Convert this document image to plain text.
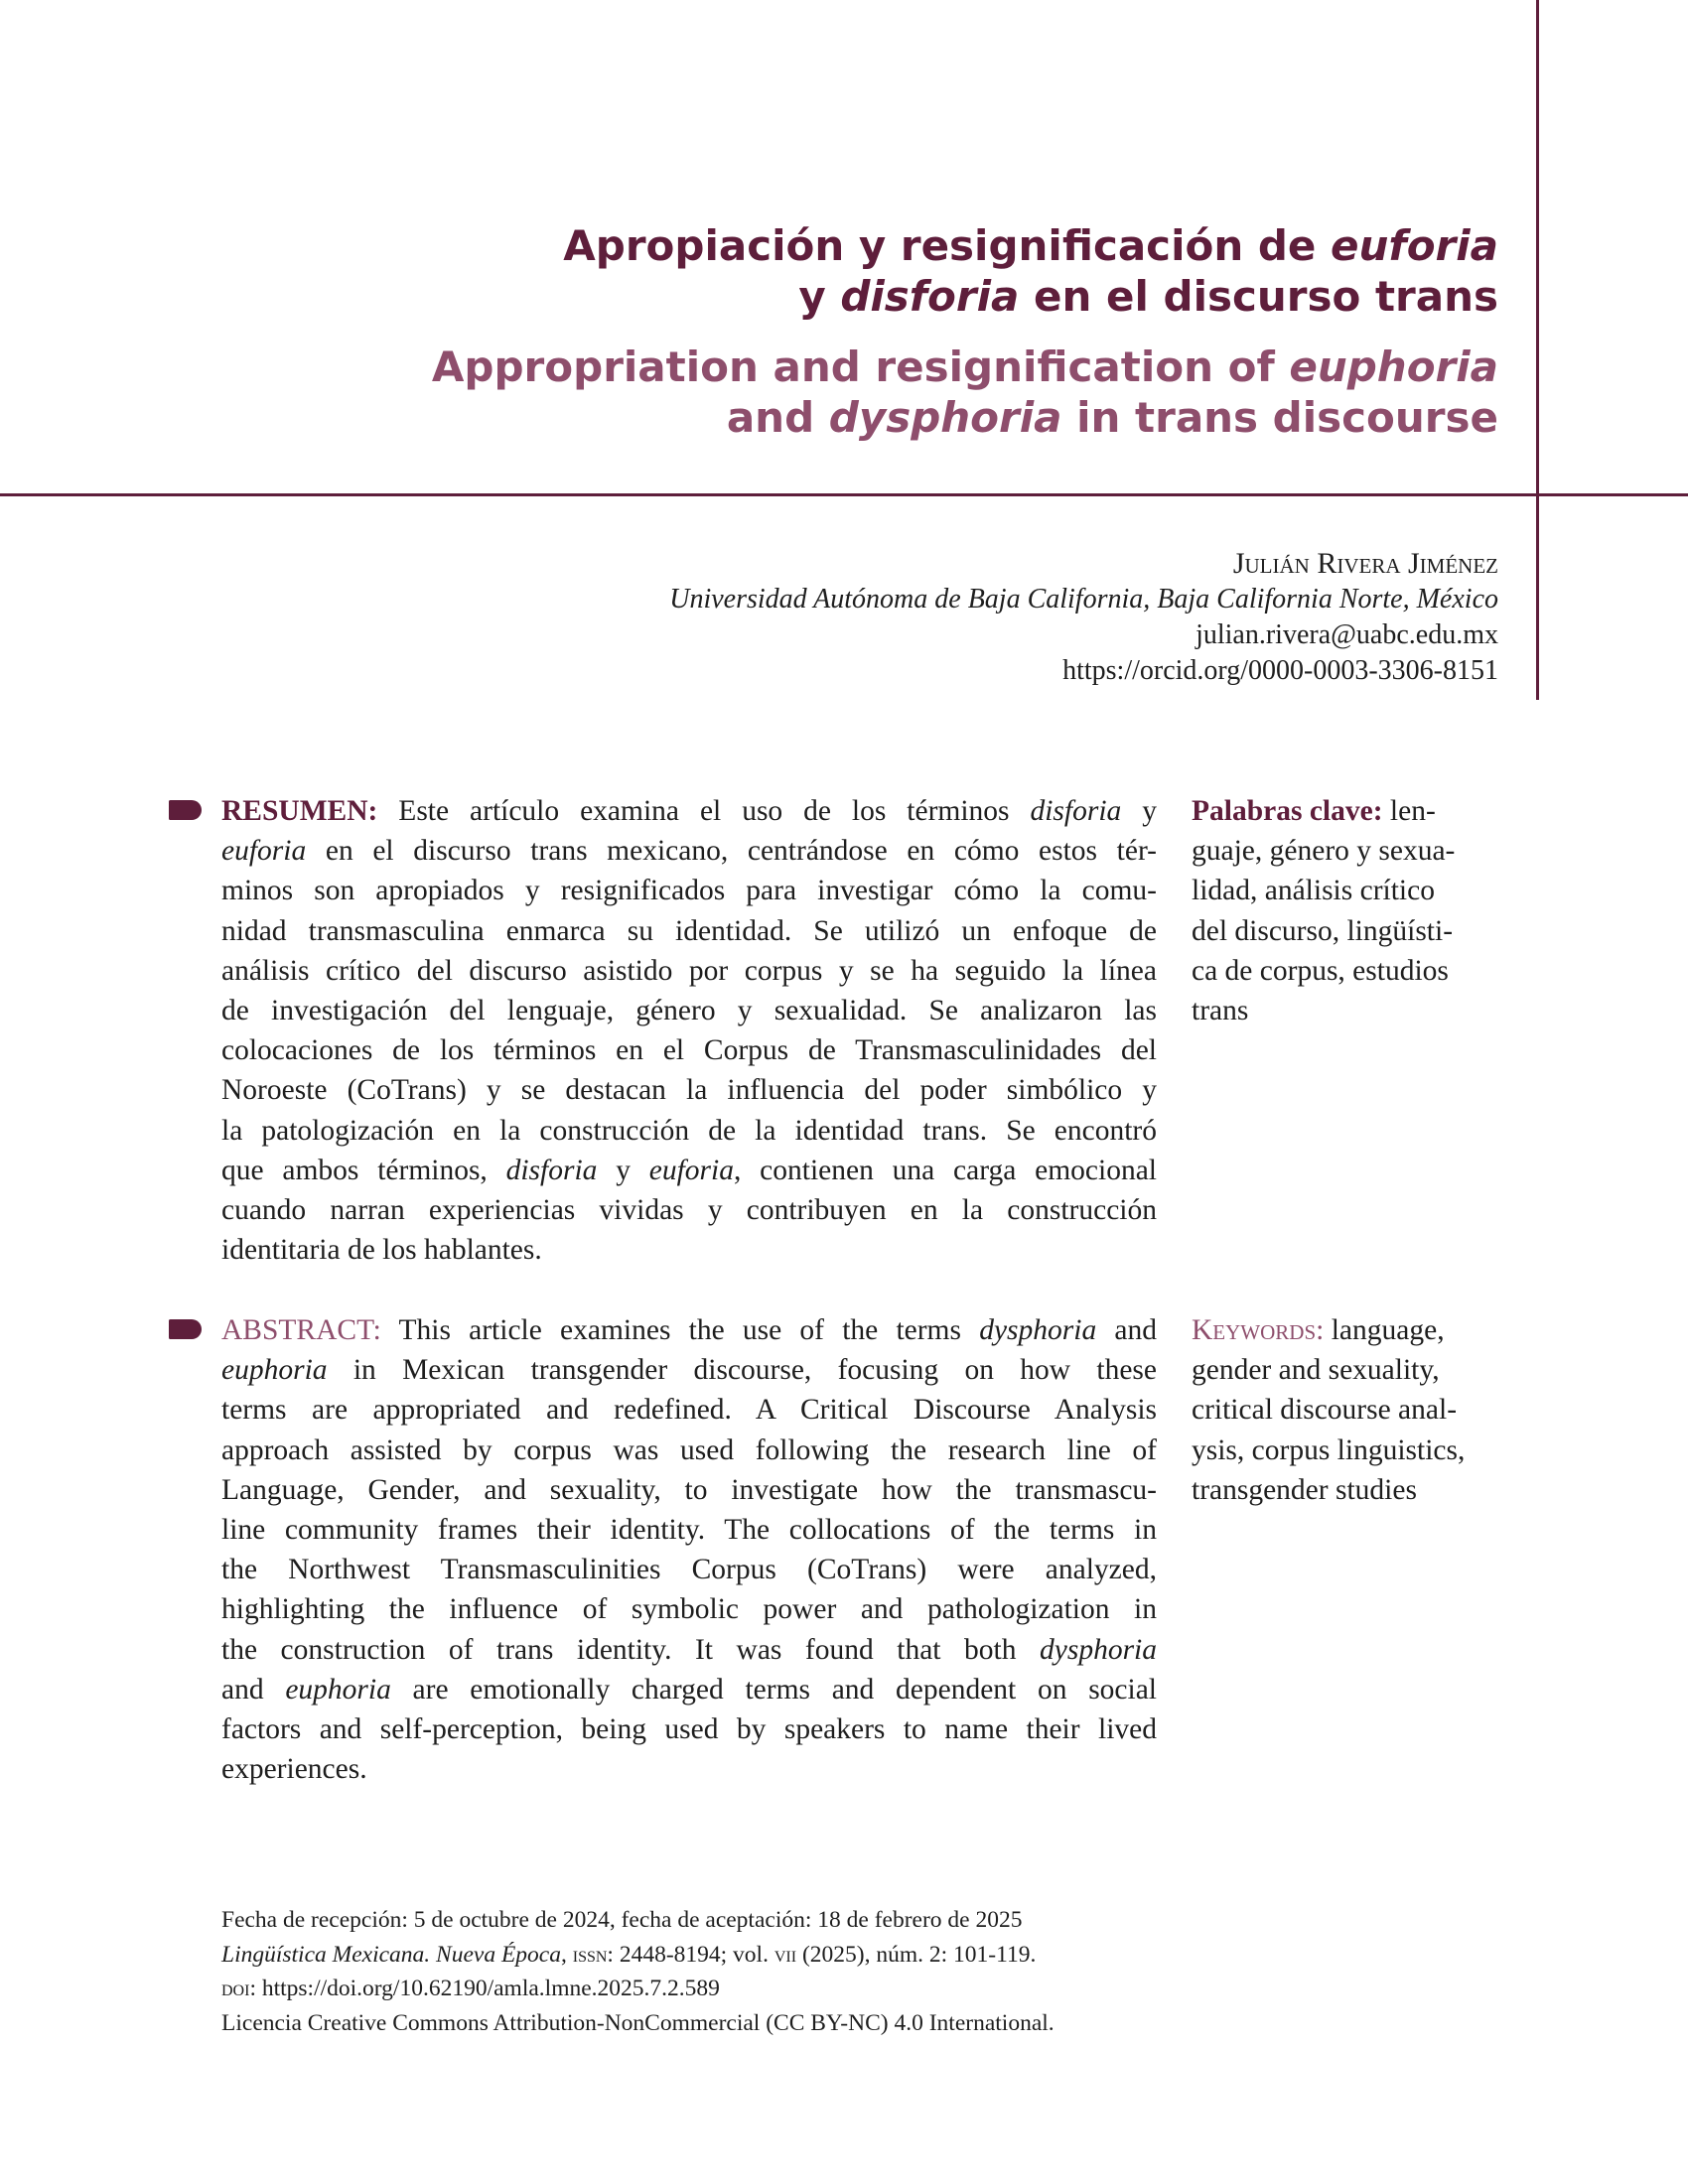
Apropiación y resignificación de euforia
y disforia en el discurso trans
Appropriation and resignification of euphoria
and dysphoria in trans discourse
Julián Rivera Jiménez
Universidad Autónoma de Baja California, Baja California Norte, México
julian.rivera@uabc.edu.mx
https://orcid.org/0000-0003-3306-8151
RESUMEN: Este artículo examina el uso de los términos disforia y
euforia en el discurso trans mexicano, centrándose en cómo estos tér-
minos son apropiados y resignificados para investigar cómo la comu-
nidad transmasculina enmarca su identidad. Se utilizó un enfoque de
análisis crítico del discurso asistido por corpus y se ha seguido la línea
de investigación del lenguaje, género y sexualidad. Se analizaron las
colocaciones de los términos en el Corpus de Transmasculinidades del
Noroeste (CoTrans) y se destacan la influencia del poder simbólico y
la patologización en la construcción de la identidad trans. Se encontró
que ambos términos, disforia y euforia, contienen una carga emocional
cuando narran experiencias vividas y contribuyen en la construcción
identitaria de los hablantes.
Palabras clave: len-
guaje, género y sexua-
lidad, análisis crítico
del discurso, lingüísti-
ca de corpus, estudios
trans
ABSTRACT: This article examines the use of the terms dysphoria and
euphoria in Mexican transgender discourse, focusing on how these
terms are appropriated and redefined. A Critical Discourse Analysis
approach assisted by corpus was used following the research line of
Language, Gender, and sexuality, to investigate how the transmascu-
line community frames their identity. The collocations of the terms in
the Northwest Transmasculinities Corpus (CoTrans) were analyzed,
highlighting the influence of symbolic power and pathologization in
the construction of trans identity. It was found that both dysphoria
and euphoria are emotionally charged terms and dependent on social
factors and self-perception, being used by speakers to name their lived
experiences.
Keywords: language,
gender and sexuality,
critical discourse anal-
ysis, corpus linguistics,
transgender studies
Fecha de recepción: 5 de octubre de 2024, fecha de aceptación: 18 de febrero de 2025
Lingüística Mexicana. Nueva Época, issn: 2448-8194; vol. vii (2025), núm. 2: 101-119.
doi: https://doi.org/10.62190/amla.lmne.2025.7.2.589
Licencia Creative Commons Attribution-NonCommercial (CC BY-NC) 4.0 International.
